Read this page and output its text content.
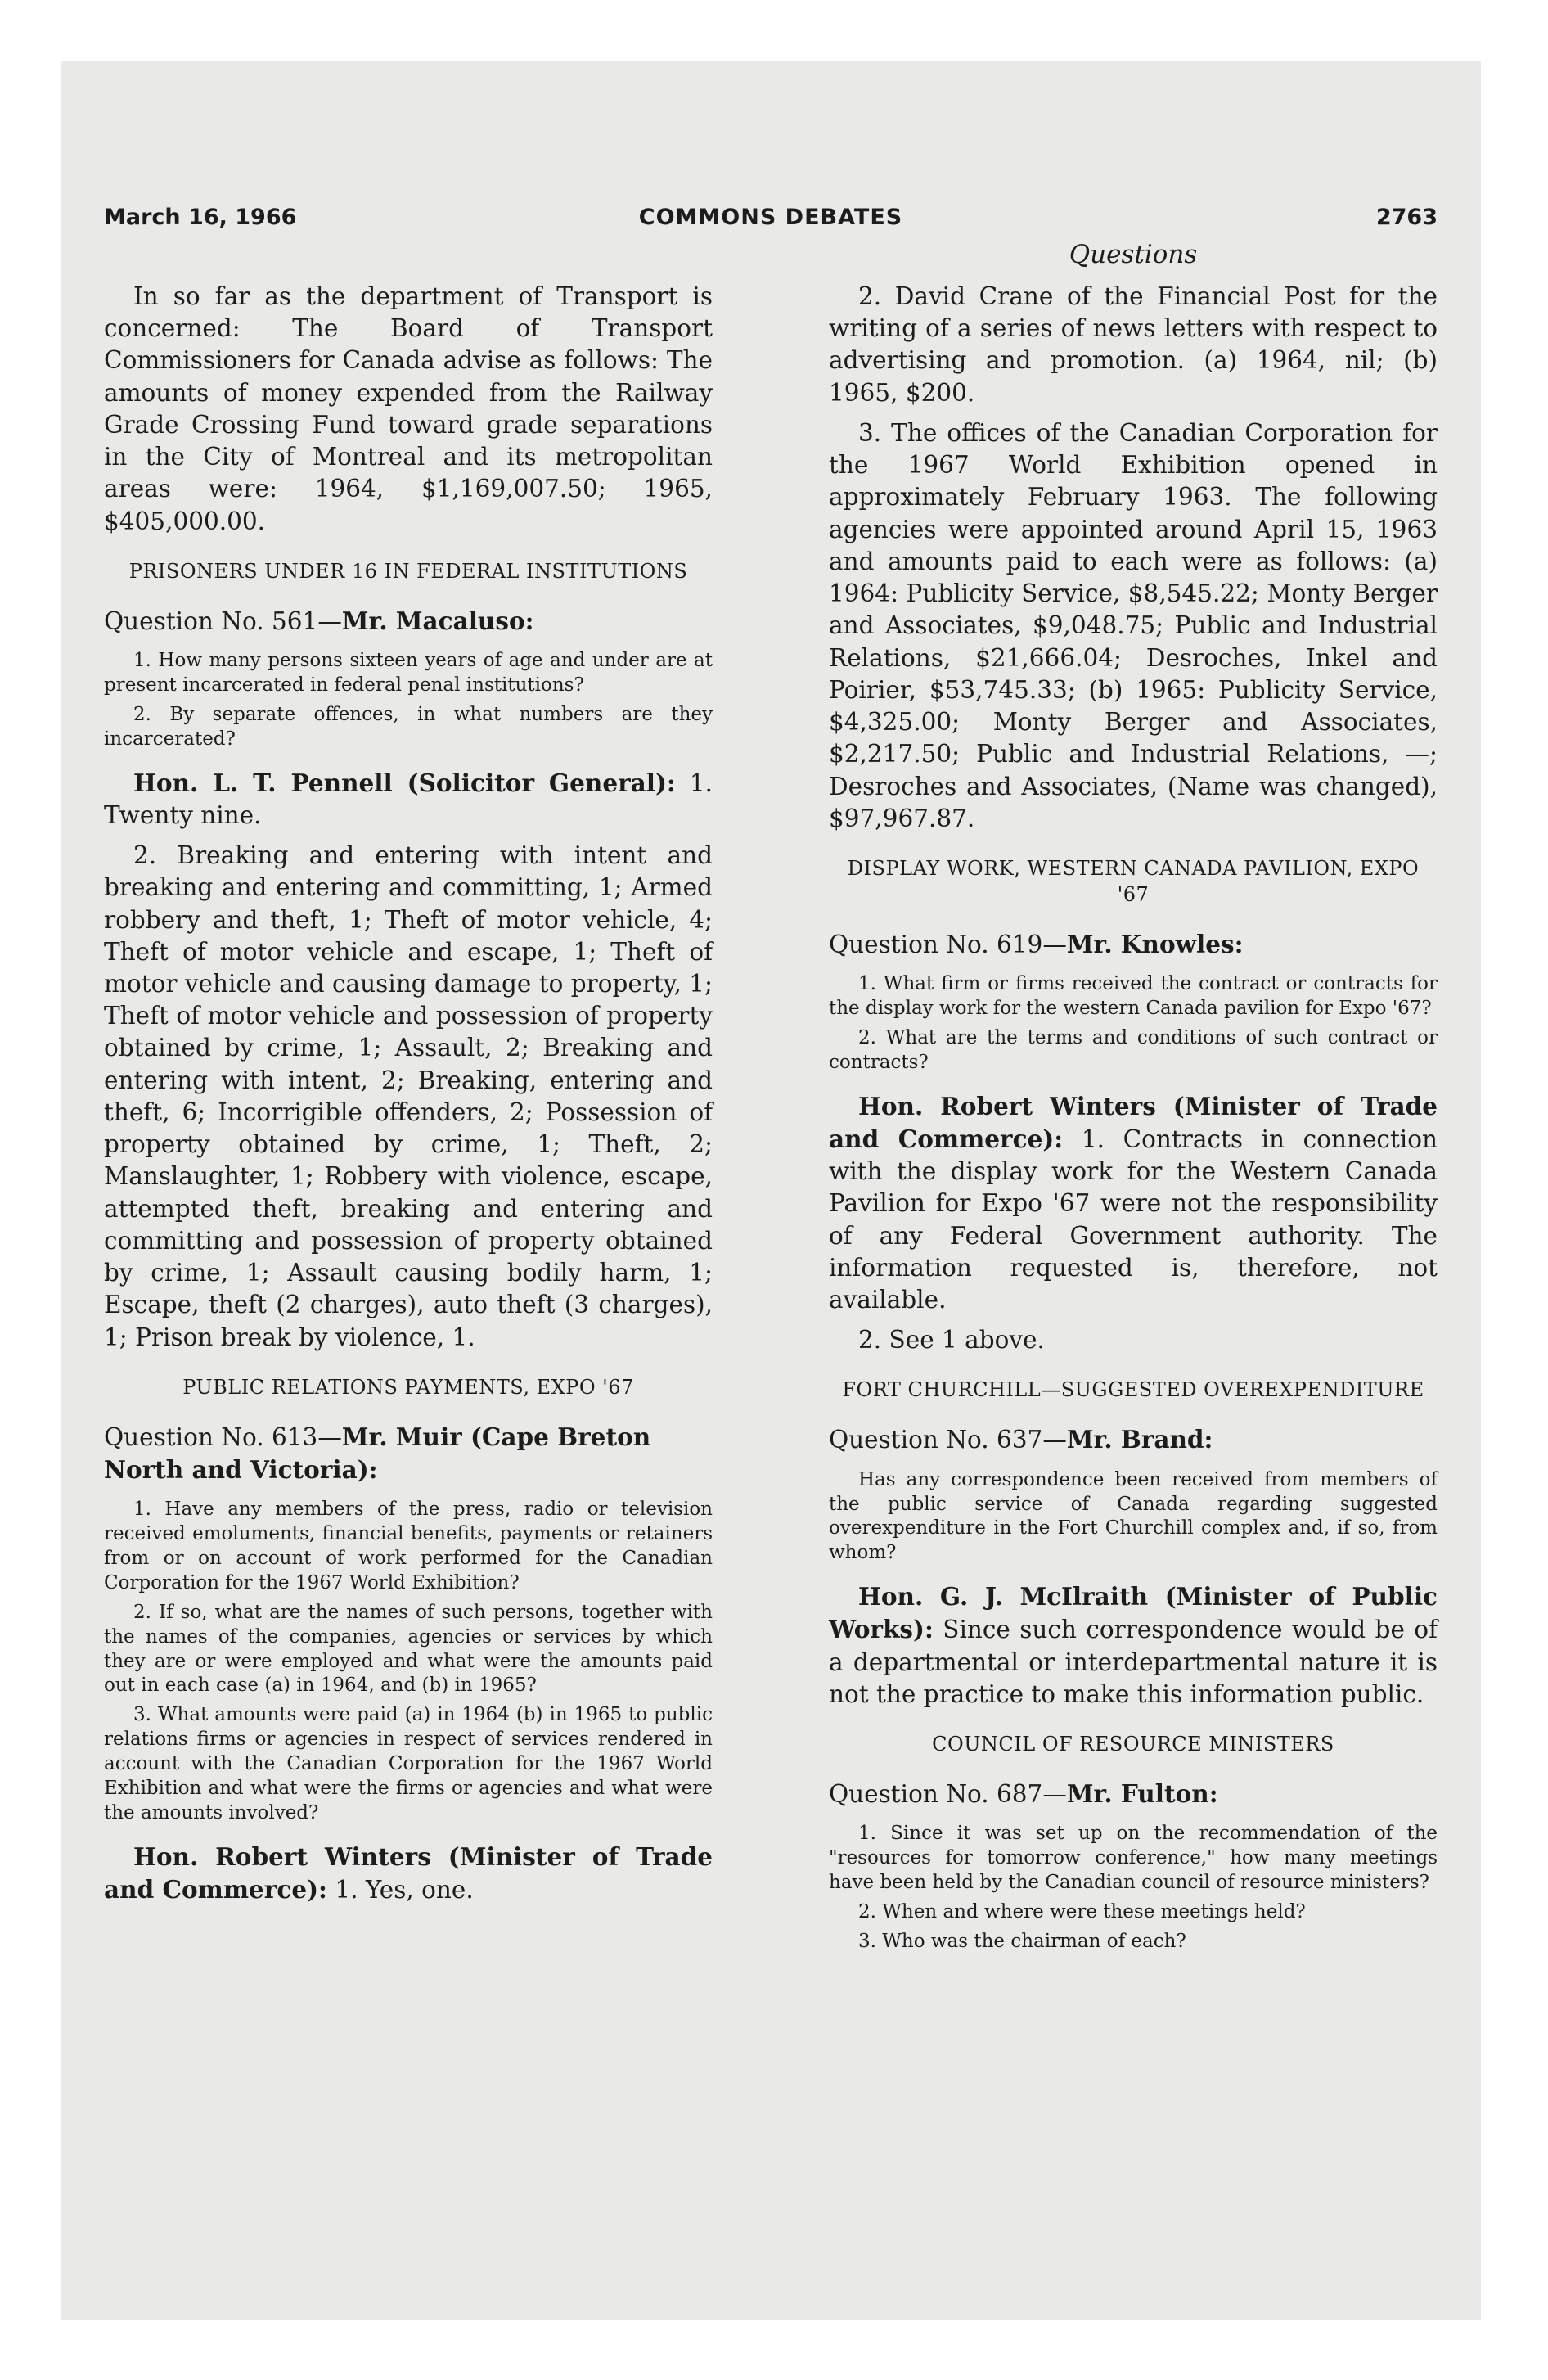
March 16, 1966	COMMONS DEBATES	2763
Questions

In so far as the department of Transport is concerned: The Board of Transport Commissioners for Canada advise as follows: The amounts of money expended from the Railway Grade Crossing Fund toward grade separations in the City of Montreal and its metropolitan areas were: 1964, $1,169,007.50; 1965, $405,000.00.

PRISONERS UNDER 16 IN FEDERAL INSTITUTIONS

Question No. 561—Mr. Macaluso:

1. How many persons sixteen years of age and under are at present incarcerated in federal penal institutions?

2. By separate offences, in what numbers are they incarcerated?

Hon. L. T. Pennell (Solicitor General): 1. Twenty nine.

2. Breaking and entering with intent and breaking and entering and committing, 1; Armed robbery and theft, 1; Theft of motor vehicle, 4; Theft of motor vehicle and escape, 1; Theft of motor vehicle and causing damage to property, 1; Theft of motor vehicle and possession of property obtained by crime, 1; Assault, 2; Breaking and entering with intent, 2; Breaking, entering and theft, 6; Incorrigible offenders, 2; Possession of property obtained by crime, 1; Theft, 2; Manslaughter, 1; Robbery with violence, escape, attempted theft, breaking and entering and committing and possession of property obtained by crime, 1; Assault causing bodily harm, 1; Escape, theft (2 charges), auto theft (3 charges), 1; Prison break by violence, 1.

PUBLIC RELATIONS PAYMENTS, EXPO '67

Question No. 613—Mr. Muir (Cape Breton North and Victoria):

1. Have any members of the press, radio or television received emoluments, financial benefits, payments or retainers from or on account of work performed for the Canadian Corporation for the 1967 World Exhibition?

2. If so, what are the names of such persons, together with the names of the companies, agencies or services by which they are or were employed and what were the amounts paid out in each case (a) in 1964, and (b) in 1965?

3. What amounts were paid (a) in 1964 (b) in 1965 to public relations firms or agencies in respect of services rendered in account with the Canadian Corporation for the 1967 World Exhibition and what were the firms or agencies and what were the amounts involved?

Hon. Robert Winters (Minister of Trade and Commerce): 1. Yes, one.

2. David Crane of the Financial Post for the writing of a series of news letters with respect to advertising and promotion. (a) 1964, nil; (b) 1965, $200.

3. The offices of the Canadian Corporation for the 1967 World Exhibition opened in approximately February 1963. The following agencies were appointed around April 15, 1963 and amounts paid to each were as follows: (a) 1964: Publicity Service, $8,545.22; Monty Berger and Associates, $9,048.75; Public and Industrial Relations, $21,666.04; Desroches, Inkel and Poirier, $53,745.33; (b) 1965: Publicity Service, $4,325.00; Monty Berger and Associates, $2,217.50; Public and Industrial Relations, —; Desroches and Associates, (Name was changed), $97,967.87.

DISPLAY WORK, WESTERN CANADA PAVILION, EXPO '67

Question No. 619—Mr. Knowles:

1. What firm or firms received the contract or contracts for the display work for the western Canada pavilion for Expo '67?

2. What are the terms and conditions of such contract or contracts?

Hon. Robert Winters (Minister of Trade and Commerce): 1. Contracts in connection with the display work for the Western Canada Pavilion for Expo '67 were not the responsibility of any Federal Government authority. The information requested is, therefore, not available.

2. See 1 above.

FORT CHURCHILL—SUGGESTED OVEREXPENDITURE

Question No. 637—Mr. Brand:

Has any correspondence been received from members of the public service of Canada regarding suggested overexpenditure in the Fort Churchill complex and, if so, from whom?

Hon. G. J. McIlraith (Minister of Public Works): Since such correspondence would be of a departmental or interdepartmental nature it is not the practice to make this information public.

COUNCIL OF RESOURCE MINISTERS

Question No. 687—Mr. Fulton:

1. Since it was set up on the recommendation of the "resources for tomorrow conference," how many meetings have been held by the Canadian council of resource ministers?

2. When and where were these meetings held?

3. Who was the chairman of each?
